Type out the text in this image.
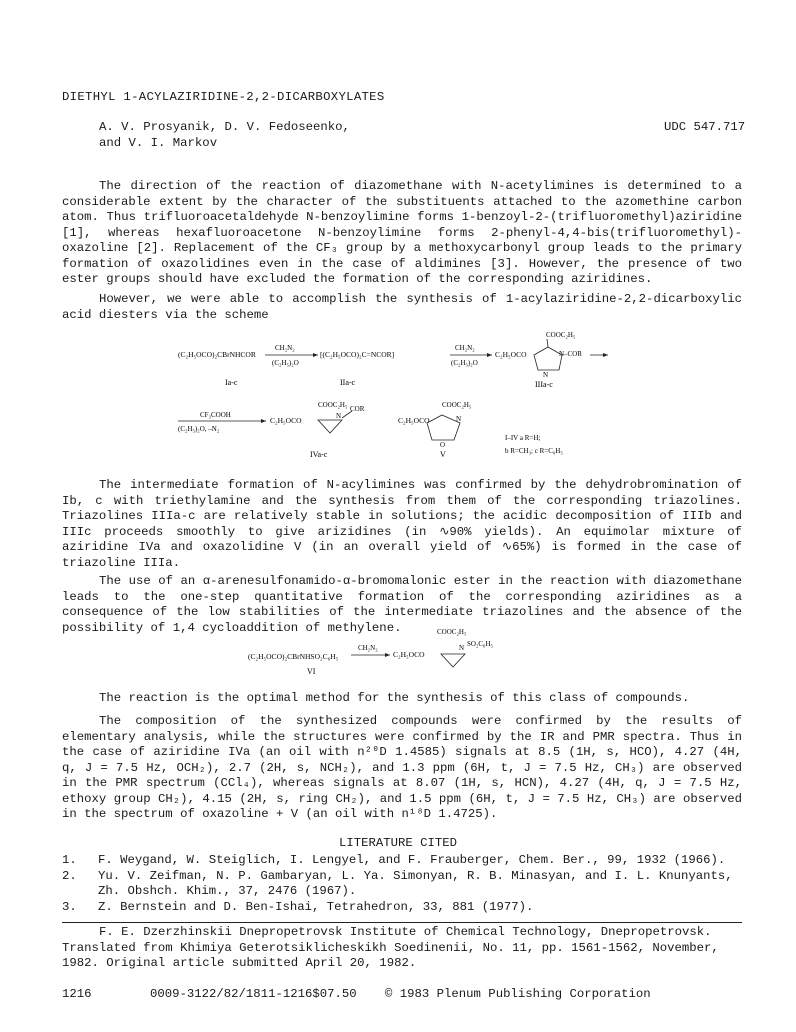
DIETHYL 1-ACYLAZIRIDINE-2,2-DICARBOXYLATES
A. V. Prosyanik, D. V. Fedoseenko,
and V. I. Markov
UDC 547.717

The direction of the reaction of diazomethane with N-acetylimines is determined to a considerable extent by the character of the substituents attached to the azomethine carbon atom. Thus trifluoroacetaldehyde N-benzoylimine forms 1-benzoyl-2-(trifluoromethyl)aziridine [1], whereas hexafluoroacetone N-benzoylimine forms 2-phenyl-4,4-bis(trifluoromethyl)-oxazoline [2]. Replacement of the CF₃ group by a methoxycarbonyl group leads to the primary formation of oxazolidines even in the case of aldimines [3]. However, the presence of two ester groups should have excluded the formation of the corresponding aziridines.

However, we were able to accomplish the synthesis of 1-acylaziridine-2,2-dicarboxylic acid diesters via the scheme

(C₂H₅OCO)₂CBrNHCOR
CH₂N₂
(C₂H₅)₂O
[(C₂H₅OCO)₂C=NCOR]
CH₂N₂
(C₂H₅)₂O
C₂H₅OCO
COOC₂H₅
N–COR
N
Ia-c	IIa-c	IIIa-c
CF₃COOH
(C₂H₅)₂O, –N₂
C₂H₅OCO
COOC₂H₅
N
COR
IVa-c
C₂H₅OCO
COOC₂H₅
N
O
V
I–IV a R=H;
b R=CH₃; c R=C₆H₅

The intermediate formation of N-acylimines was confirmed by the dehydrobromination of Ib, c with triethylamine and the synthesis from them of the corresponding triazolines. Triazolines IIIa-c are relatively stable in solutions; the acidic decomposition of IIIb and IIIc proceeds smoothly to give arizidines (in ∿90% yields). An equimolar mixture of aziridine IVa and oxazolidine V (in an overall yield of ∿65%) is formed in the case of triazoline IIIa.

The use of an α-arenesulfonamido-α-bromomalonic ester in the reaction with diazomethane leads to the one-step quantitative formation of the corresponding aziridines as a consequence of the low stabilities of the intermediate triazolines and the absence of the possibility of 1,4 cycloaddition of methylene.

(C₂H₅OCO)₂CBrNHSO₂C₆H₅
CH₂N₂
C₂H₅OCO
COOC₂H₅
N SO₂C₆H₅
VI

The reaction is the optimal method for the synthesis of this class of compounds.

The composition of the synthesized compounds were confirmed by the results of elementary analysis, while the structures were confirmed by the IR and PMR spectra. Thus in the case of aziridine IVa (an oil with n²⁰D 1.4585) signals at 8.5 (1H, s, HCO), 4.27 (4H, q, J = 7.5 Hz, OCH₂), 2.7 (2H, s, NCH₂), and 1.3 ppm (6H, t, J = 7.5 Hz, CH₃) are observed in the PMR spectrum (CCl₄), whereas signals at 8.07 (1H, s, HCN), 4.27 (4H, q, J = 7.5 Hz, ethoxy group CH₂), 4.15 (2H, s, ring CH₂), and 1.5 ppm (6H, t, J = 7.5 Hz, CH₃) are observed in the spectrum of oxazoline + V (an oil with n¹⁸D 1.4725).

LITERATURE CITED
1.	F. Weygand, W. Steiglich, I. Lengyel, and F. Frauberger, Chem. Ber., 99, 1932 (1966).
2.	Yu. V. Zeifman, N. P. Gambaryan, L. Ya. Simonyan, R. B. Minasyan, and I. L. Knunyants, Zh. Obshch. Khim., 37, 2476 (1967).
3.	Z. Bernstein and D. Ben-Ishai, Tetrahedron, 33, 881 (1977).
F. E. Dzerzhinskii Dnepropetrovsk Institute of Chemical Technology, Dnepropetrovsk. Translated from Khimiya Geterotsiklicheskikh Soedinenii, No. 11, pp. 1561-1562, November, 1982. Original article submitted April 20, 1982.
1216	0009-3122/82/1811-1216$07.50 © 1983 Plenum Publishing Corporation
